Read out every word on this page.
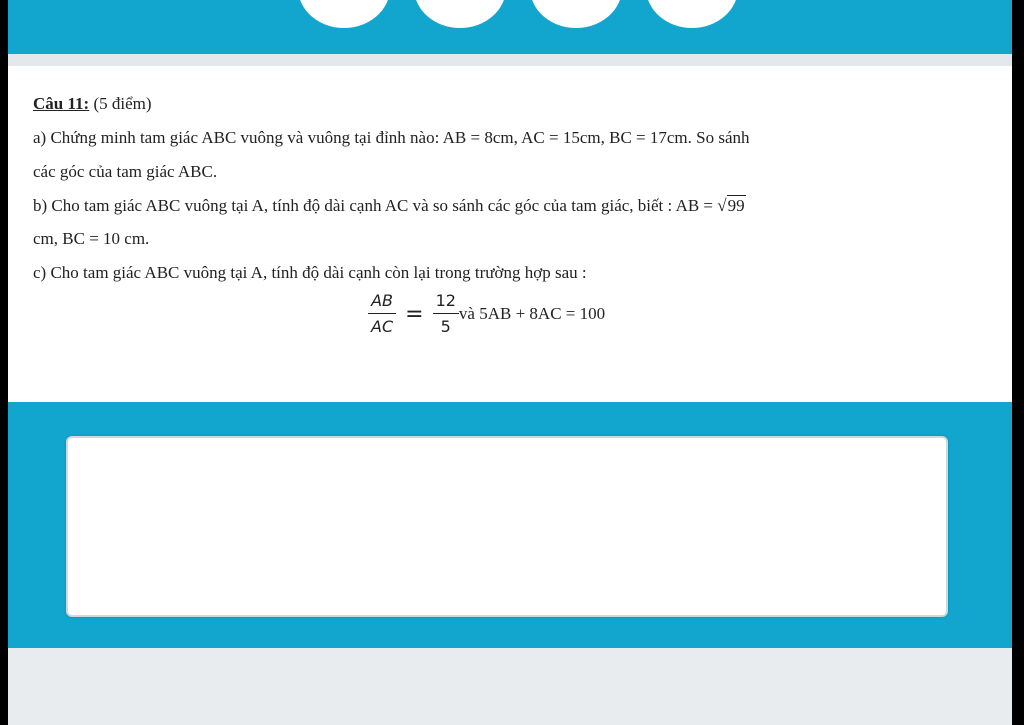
Câu 11: (5 điểm)
a) Chứng minh tam giác ABC vuông và vuông tại đỉnh nào: AB = 8cm, AC = 15cm, BC = 17cm. So sánh
các góc của tam giác ABC.
b) Cho tam giác ABC vuông tại A, tính độ dài cạnh AC và so sánh các góc của tam giác, biết : AB = √99
cm, BC = 10 cm.
c) Cho tam giác ABC vuông tại A, tính độ dài cạnh còn lại trong trường hợp sau :
$\frac{AB}{AC} = \frac{12}{5}$ và 5AB + 8AC = 100
